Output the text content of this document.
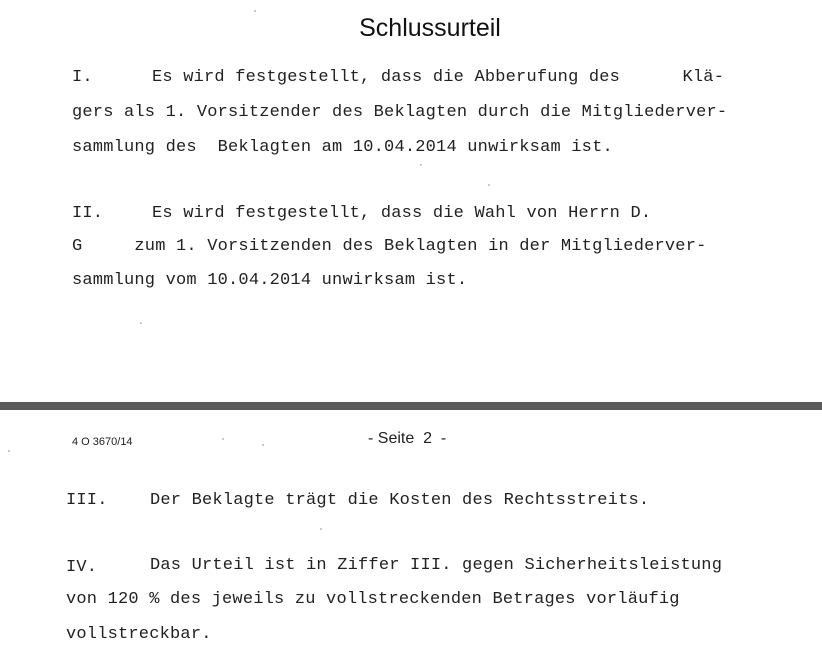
Schlussurteil
I.	Es wird festgestellt, dass die Abberufung des      Klä-
gers als 1. Vorsitzender des Beklagten durch die Mitgliederver-
sammlung des  Beklagten am 10.04.2014 unwirksam ist.
II.	Es wird festgestellt, dass die Wahl von Herrn D.
G     zum 1. Vorsitzenden des Beklagten in der Mitgliederver-
sammlung vom 10.04.2014 unwirksam ist.
4 O 3670/14	- Seite  2  -
III. Der Beklagte trägt die Kosten des Rechtsstreits.
IV.	Das Urteil ist in Ziffer III. gegen Sicherheitsleistung
von 120 % des jeweils zu vollstreckenden Betrages vorläufig
vollstreckbar.
